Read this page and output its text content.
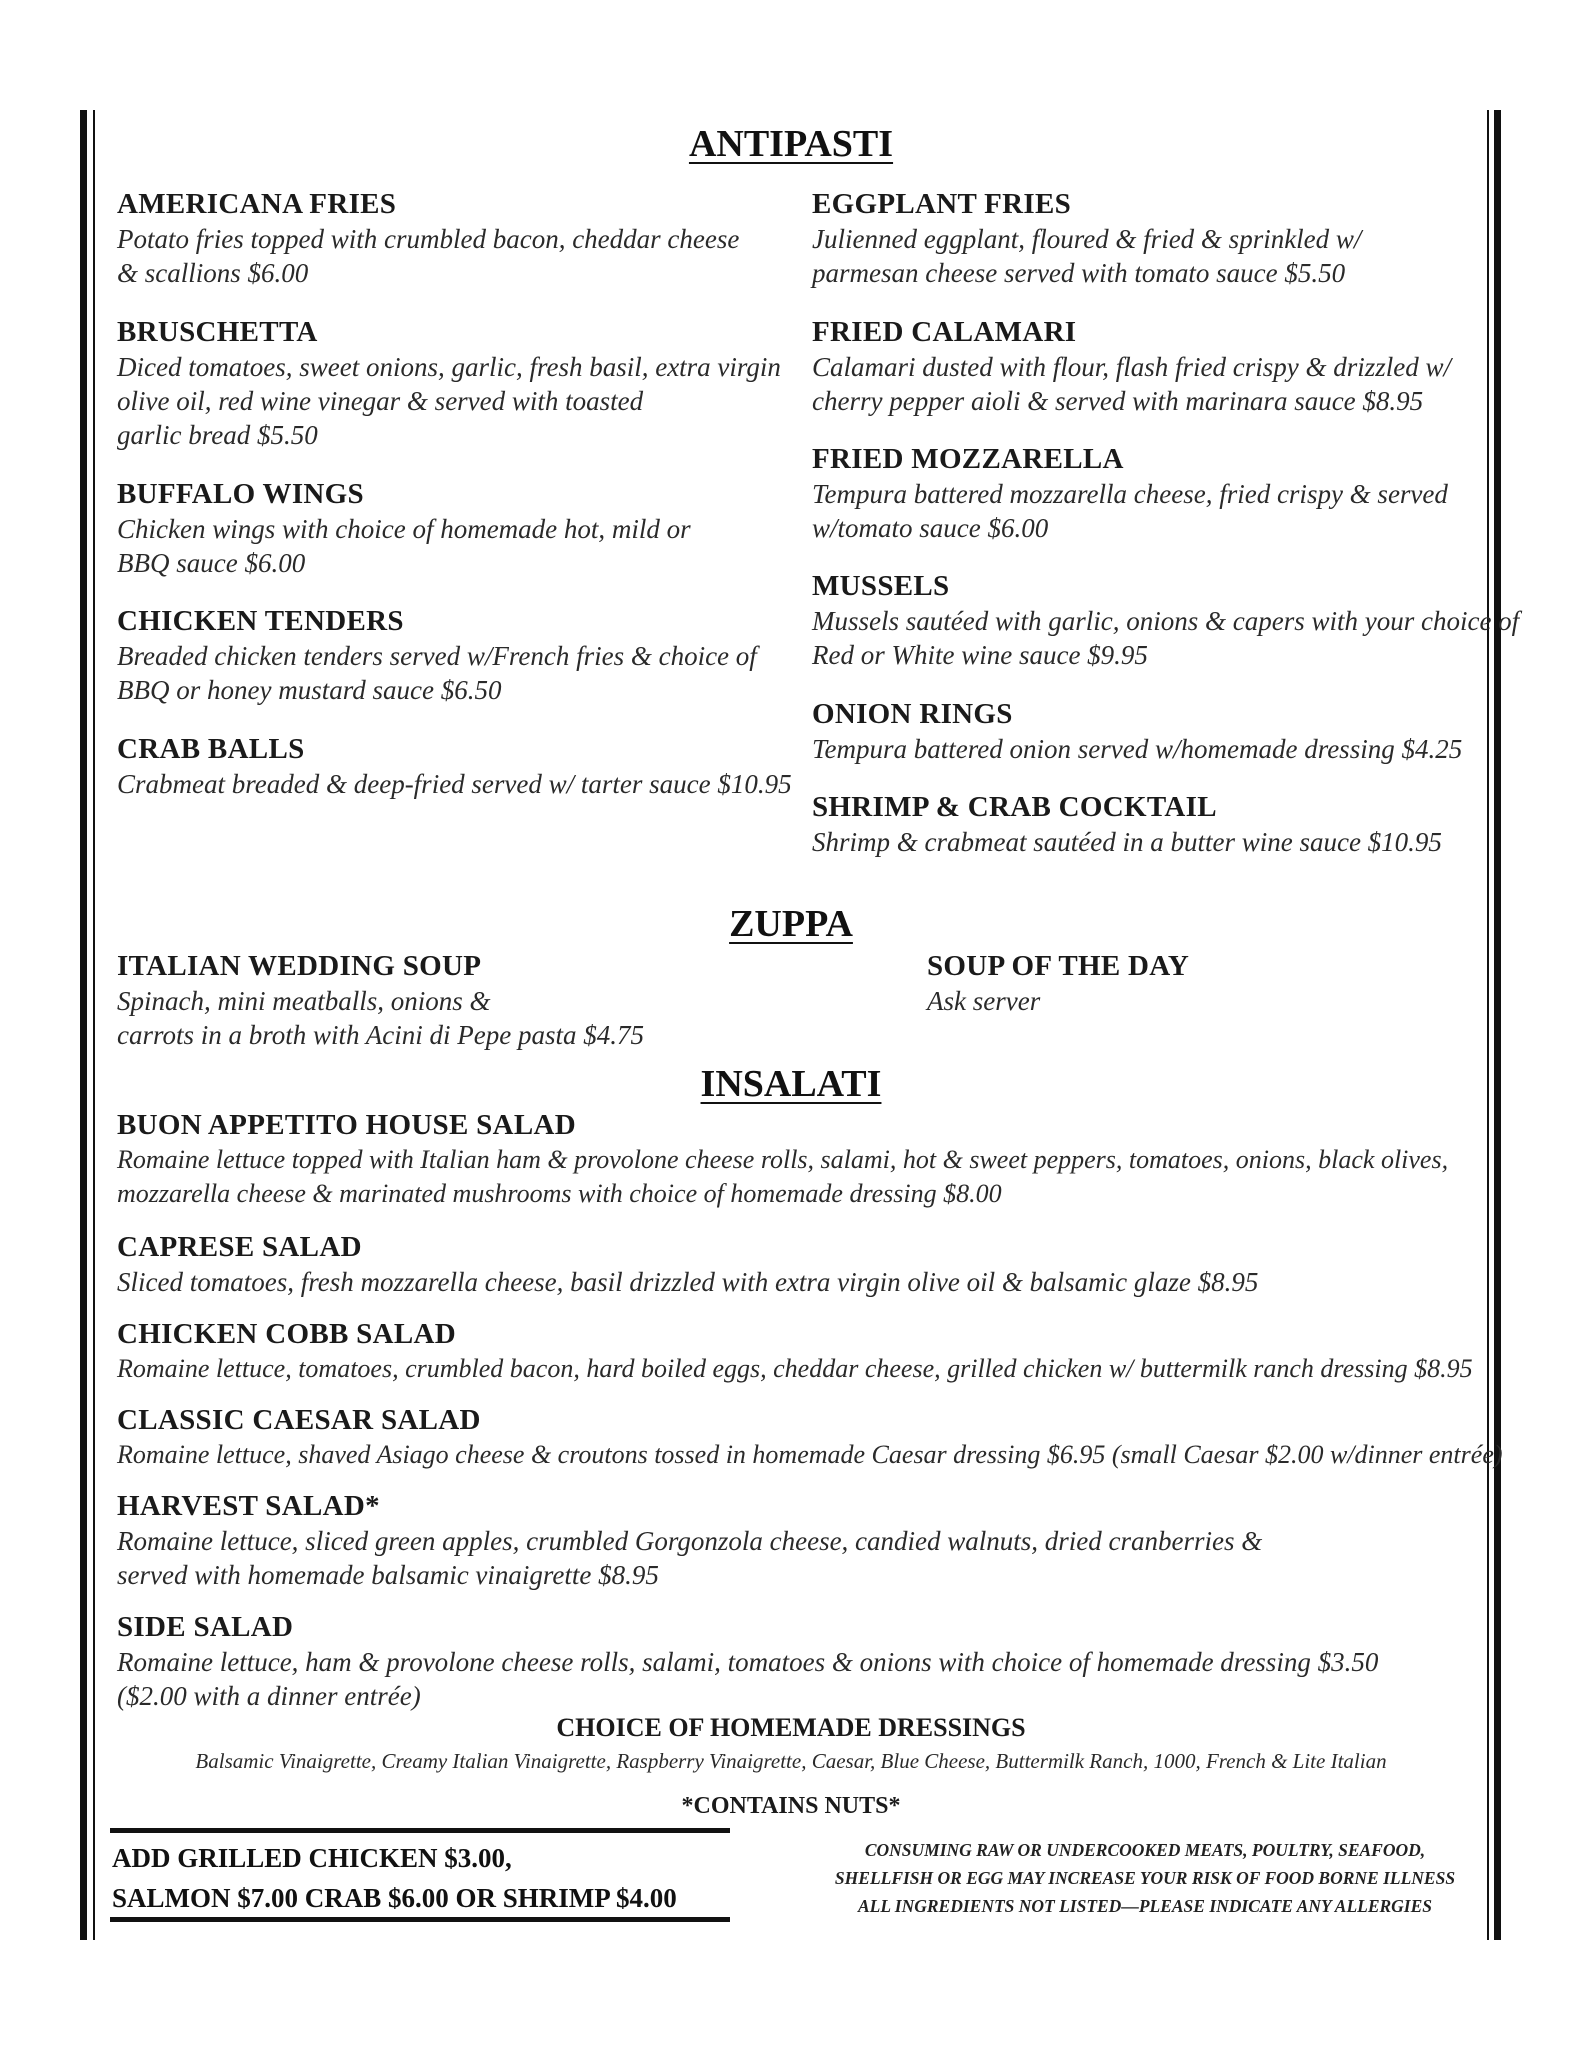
ANTIPASTI
AMERICANA FRIES
Potato fries topped with crumbled bacon, cheddar cheese
& scallions $6.00
BRUSCHETTA
Diced tomatoes, sweet onions, garlic, fresh basil, extra virgin
olive oil, red wine vinegar & served with toasted
garlic bread $5.50
BUFFALO WINGS
Chicken wings with choice of homemade hot, mild or
BBQ sauce $6.00
CHICKEN TENDERS
Breaded chicken tenders served w/French fries & choice of
BBQ or honey mustard sauce $6.50
CRAB BALLS
Crabmeat breaded & deep-fried served w/ tarter sauce $10.95
EGGPLANT FRIES
Julienned eggplant, floured & fried & sprinkled w/
parmesan cheese served with tomato sauce $5.50
FRIED CALAMARI
Calamari dusted with flour, flash fried crispy & drizzled w/
cherry pepper aioli & served with marinara sauce $8.95
FRIED MOZZARELLA
Tempura battered mozzarella cheese, fried crispy & served
w/tomato sauce $6.00
MUSSELS
Mussels sautéed with garlic, onions & capers with your choice of
Red or White wine sauce $9.95
ONION RINGS
Tempura battered onion served w/homemade dressing $4.25
SHRIMP & CRAB COCKTAIL
Shrimp & crabmeat sautéed in a butter wine sauce $10.95
ZUPPA
ITALIAN WEDDING SOUP
Spinach, mini meatballs, onions &
carrots in a broth with Acini di Pepe pasta $4.75
SOUP OF THE DAY
Ask server
INSALATI
BUON APPETITO HOUSE SALAD
Romaine lettuce topped with Italian ham & provolone cheese rolls, salami, hot & sweet peppers, tomatoes, onions, black olives,
mozzarella cheese & marinated mushrooms with choice of homemade dressing $8.00
CAPRESE SALAD
Sliced tomatoes, fresh mozzarella cheese, basil drizzled with extra virgin olive oil & balsamic glaze $8.95
CHICKEN COBB SALAD
Romaine lettuce, tomatoes, crumbled bacon, hard boiled eggs, cheddar cheese, grilled chicken w/ buttermilk ranch dressing $8.95
CLASSIC CAESAR SALAD
Romaine lettuce, shaved Asiago cheese & croutons tossed in homemade Caesar dressing $6.95 (small Caesar $2.00 w/dinner entrée)
HARVEST SALAD*
Romaine lettuce, sliced green apples, crumbled Gorgonzola cheese, candied walnuts, dried cranberries &
served with homemade balsamic vinaigrette $8.95
SIDE SALAD
Romaine lettuce, ham & provolone cheese rolls, salami, tomatoes & onions with choice of homemade dressing $3.50
($2.00 with a dinner entrée)
CHOICE OF HOMEMADE DRESSINGS
Balsamic Vinaigrette, Creamy Italian Vinaigrette, Raspberry Vinaigrette, Caesar, Blue Cheese, Buttermilk Ranch, 1000, French & Lite Italian
*CONTAINS NUTS*
ADD GRILLED CHICKEN $3.00,
SALMON $7.00 CRAB $6.00 OR SHRIMP $4.00
CONSUMING RAW OR UNDERCOOKED MEATS, POULTRY, SEAFOOD,
SHELLFISH OR EGG MAY INCREASE YOUR RISK OF FOOD BORNE ILLNESS
ALL INGREDIENTS NOT LISTED—PLEASE INDICATE ANY ALLERGIES
